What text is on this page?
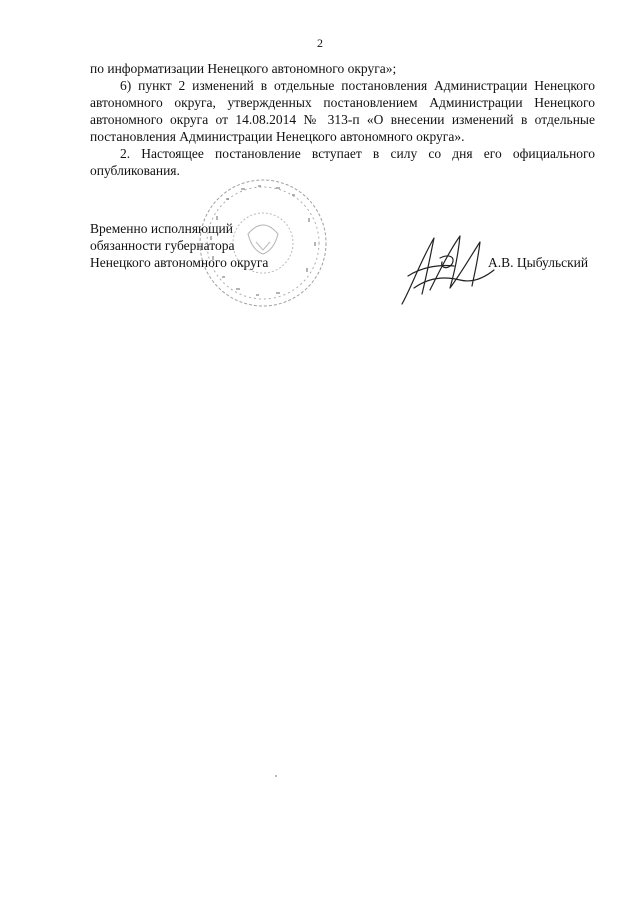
2

по информатизации Ненецкого автономного округа»;

6) пункт 2 изменений в отдельные постановления Администрации Ненецкого автономного округа, утвержденных постановлением Администрации Ненецкого автономного округа от 14.08.2014 № 313-п «О внесении изменений в отдельные постановления Администрации Ненецкого автономного округа».

2. Настоящее постановление вступает в силу со дня его официального опубликования.

Временно исполняющий
обязанности губернатора
Ненецкого автономного округа	А.В. Цыбульский
